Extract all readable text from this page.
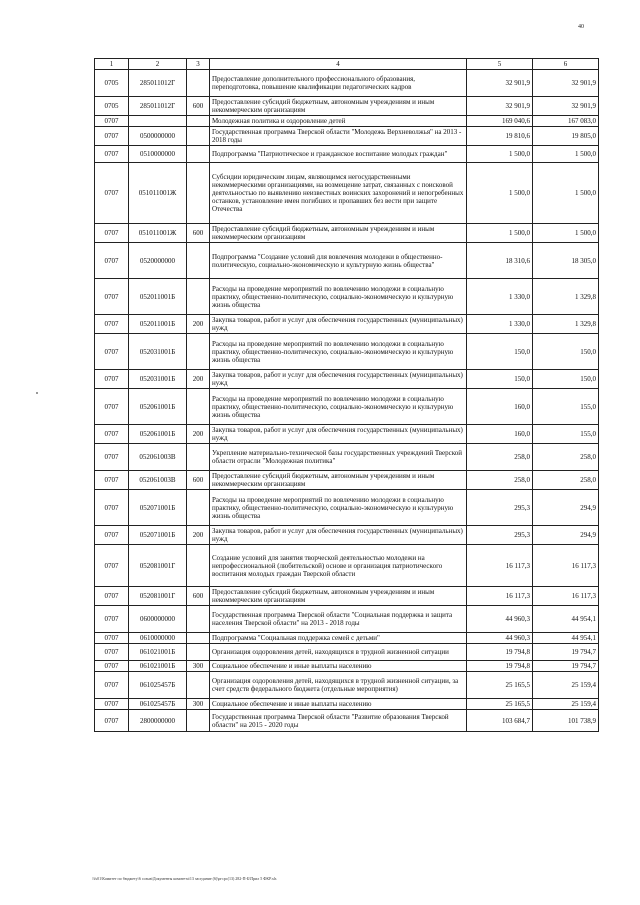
40
1	2	3	4	5	6
0705	285011012Г		Предоставление дополнительного профессионального образования, переподготовка, повышение квалификации педагогических кадров	32 901,9	32 901,9
0705	285011012Г	600	Предоставление субсидий бюджетным, автономным учреждениям и иным некоммерческим организациям	32 901,9	32 901,9
0707			Молодежная политика и оздоровление детей	169 040,6	167 083,0
0707	0500000000		Государственная программа Тверской области "Молодежь Верхневолжья" на 2013 - 2018 годы	19 810,6	19 805,0
0707	0510000000		Подпрограмма "Патриотическое и гражданское воспитание молодых граждан"	1 500,0	1 500,0
0707	051011001Ж		Субсидии юридическим лицам, являющимся негосударственными некоммерческими организациями, на возмещение затрат, связанных с поисковой деятельностью по выявлению неизвестных воинских захоронений и непогребенных останков, установление имен погибших и пропавших без вести при защите Отечества	1 500,0	1 500,0
0707	051011001Ж	600	Предоставление субсидий бюджетным, автономным учреждениям и иным некоммерческим организациям	1 500,0	1 500,0
0707	0520000000		Подпрограмма "Создание условий для вовлечения молодежи в общественно-политическую, социально-экономическую и культурную жизнь общества"	18 310,6	18 305,0
0707	052011001Б		Расходы на проведение мероприятий по вовлечению молодежи в социальную практику, общественно-политическую, социально-экономическую и культурную жизнь общества	1 330,0	1 329,8
0707	052011001Б	200	Закупка товаров, работ и услуг для обеспечения государственных (муниципальных) нужд	1 330,0	1 329,8
0707	052031001Б		Расходы на проведение мероприятий по вовлечению молодежи в социальную практику, общественно-политическую, социально-экономическую и культурную жизнь общества	150,0	150,0
0707	052031001Б	200	Закупка товаров, работ и услуг для обеспечения государственных (муниципальных) нужд	150,0	150,0
0707	052061001Б		Расходы на проведение мероприятий по вовлечению молодежи в социальную практику, общественно-политическую, социально-экономическую и культурную жизнь общества	160,0	155,0
0707	052061001Б	200	Закупка товаров, работ и услуг для обеспечения государственных (муниципальных) нужд	160,0	155,0
0707	052061003В		Укрепление материально-технической базы государственных учреждений Тверской области отрасли "Молодежная политика"	258,0	258,0
0707	052061003В	600	Предоставление субсидий бюджетным, автономным учреждениям и иным некоммерческим организациям	258,0	258,0
0707	052071001Б		Расходы на проведение мероприятий по вовлечению молодежи в социальную практику, общественно-политическую, социально-экономическую и культурную жизнь общества	295,3	294,9
0707	052071001Б	200	Закупка товаров, работ и услуг для обеспечения государственных (муниципальных) нужд	295,3	294,9
0707	052081001Г		Создание условий для занятия творческой деятельностью молодежи на непрофессиональной (любительской) основе и организация патриотического воспитания молодых граждан Тверской области	16 117,3	16 117,3
0707	052081001Г	600	Предоставление субсидий бюджетным, автономным учреждениям и иным некоммерческим организациям	16 117,3	16 117,3
0707	0600000000		Государственная программа Тверской области "Социальная поддержка и защита населения Тверской области" на 2013 - 2018 годы	44 960,3	44 954,1
0707	0610000000		Подпрограмма "Социальная поддержка семей с детьми"	44 960,3	44 954,1
0707	061021001Б		Организация оздоровления детей, находящихся в трудной жизненной ситуации	19 794,8	19 794,7
0707	061021001Б	300	Социальное обеспечение и иные выплаты населению	19 794,8	19 794,7
0707	061025457Б		Организация оздоровления детей, находящихся в трудной жизненной ситуации, за счет средств федерального бюджета (отдельные мероприятия)	25 165,5	25 159,4
0707	061025457Б	300	Социальное обеспечение и иные выплаты населению	25 165,5	25 159,4
0707	2800000000		Государственная программа Тверской области "Развитие образования Тверской области" на 2015 - 2020 годы	103 684,7	101 738,9
\\fs01\Комитет по бюджету\6 созыв\Документы комитета\13 заседание (6)\ргсрс(13) 282-П-Б\Прил 5 ФКР.xls
